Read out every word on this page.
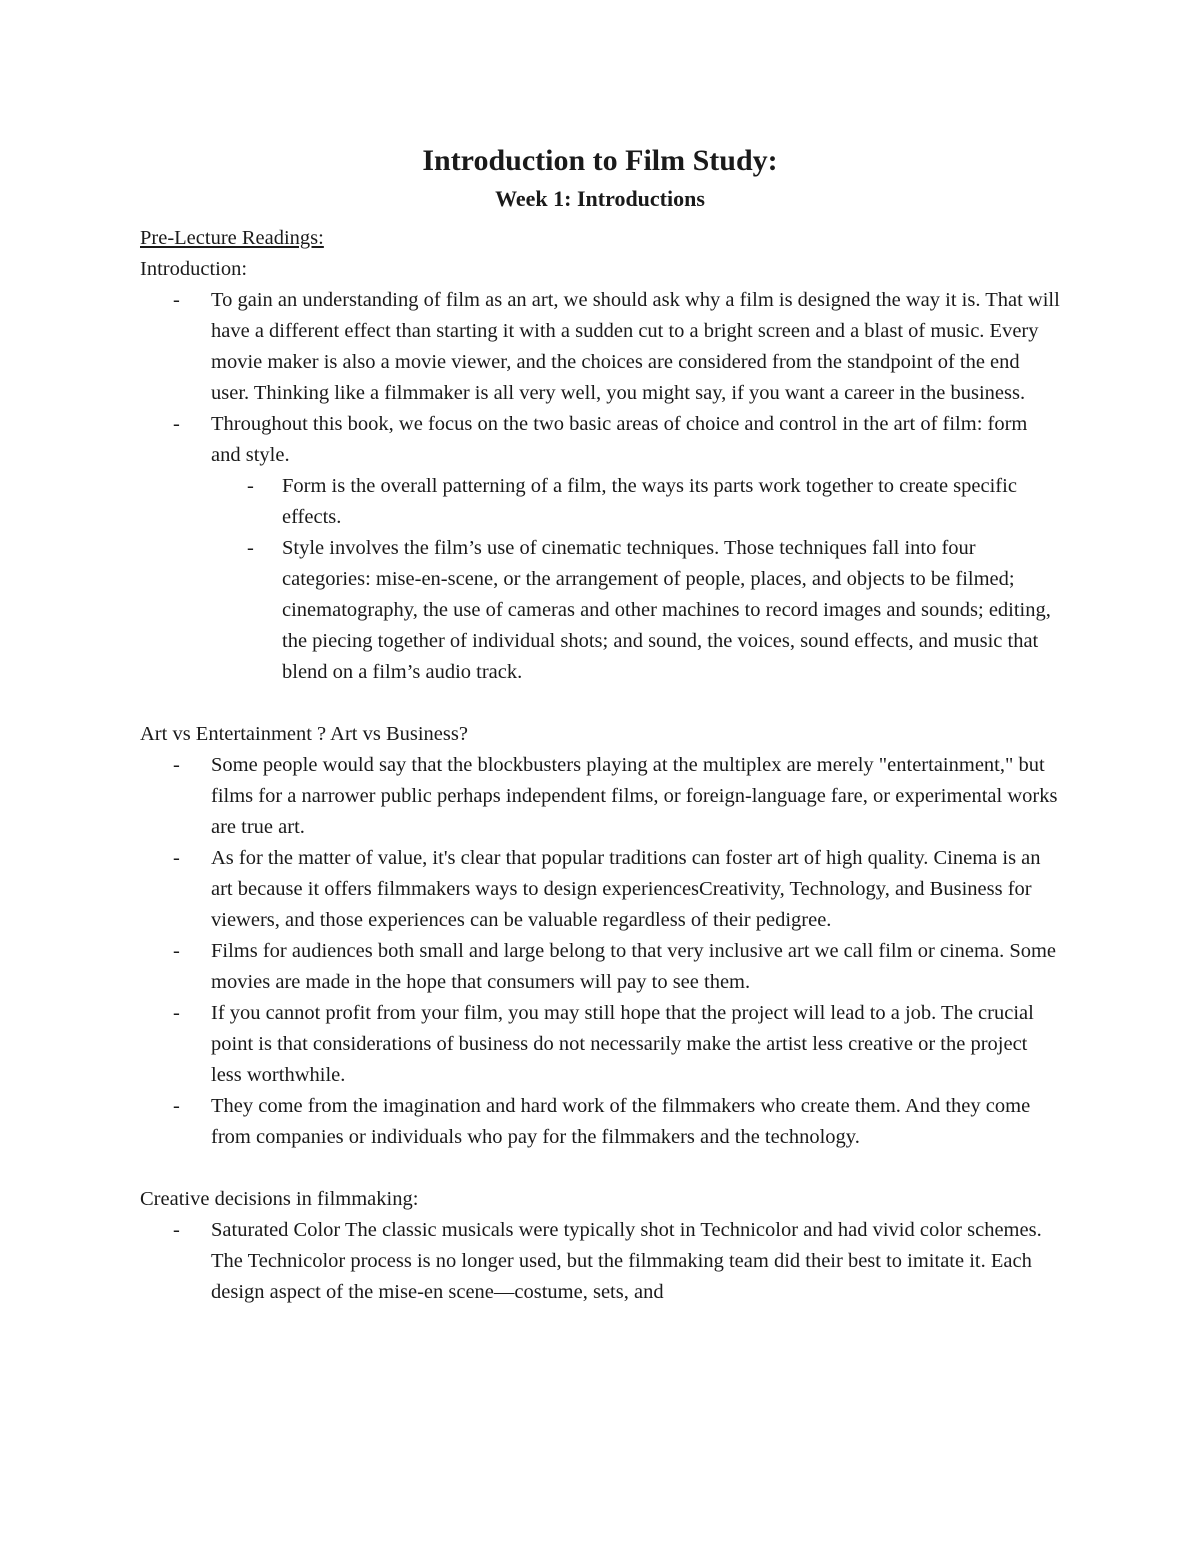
Introduction to Film Study:
Week 1: Introductions

Pre-Lecture Readings:

Introduction:

- To gain an understanding of film as an art, we should ask why a film is designed the way it is. That will have a different effect than starting it with a sudden cut to a bright screen and a blast of music. Every movie maker is also a movie viewer, and the choices are considered from the standpoint of the end user. Thinking like a filmmaker is all very well, you might say, if you want a career in the business.
- Throughout this book, we focus on the two basic areas of choice and control in the art of film: form and style.
- Form is the overall patterning of a film, the ways its parts work together to create specific effects.
- Style involves the film’s use of cinematic techniques. Those techniques fall into four categories: mise-en-scene, or the arrangement of people, places, and objects to be filmed; cinematography, the use of cameras and other machines to record images and sounds; editing, the piecing together of individual shots; and sound, the voices, sound effects, and music that blend on a film’s audio track.

Art vs Entertainment ? Art vs Business?

- Some people would say that the blockbusters playing at the multiplex are merely "entertainment," but films for a narrower public perhaps independent films, or foreign-language fare, or experimental works are true art.
- As for the matter of value, it's clear that popular traditions can foster art of high quality. Cinema is an art because it offers filmmakers ways to design experiencesCreativity, Technology, and Business for viewers, and those experiences can be valuable regardless of their pedigree.
- Films for audiences both small and large belong to that very inclusive art we call film or cinema. Some movies are made in the hope that consumers will pay to see them.
- If you cannot profit from your film, you may still hope that the project will lead to a job. The crucial point is that considerations of business do not necessarily make the artist less creative or the project less worthwhile.
- They come from the imagination and hard work of the filmmakers who create them. And they come from companies or individuals who pay for the filmmakers and the technology.

Creative decisions in filmmaking:

- Saturated Color The classic musicals were typically shot in Technicolor and had vivid color schemes. The Technicolor process is no longer used, but the filmmaking team did their best to imitate it. Each design aspect of the mise-en scene—costume, sets, and
